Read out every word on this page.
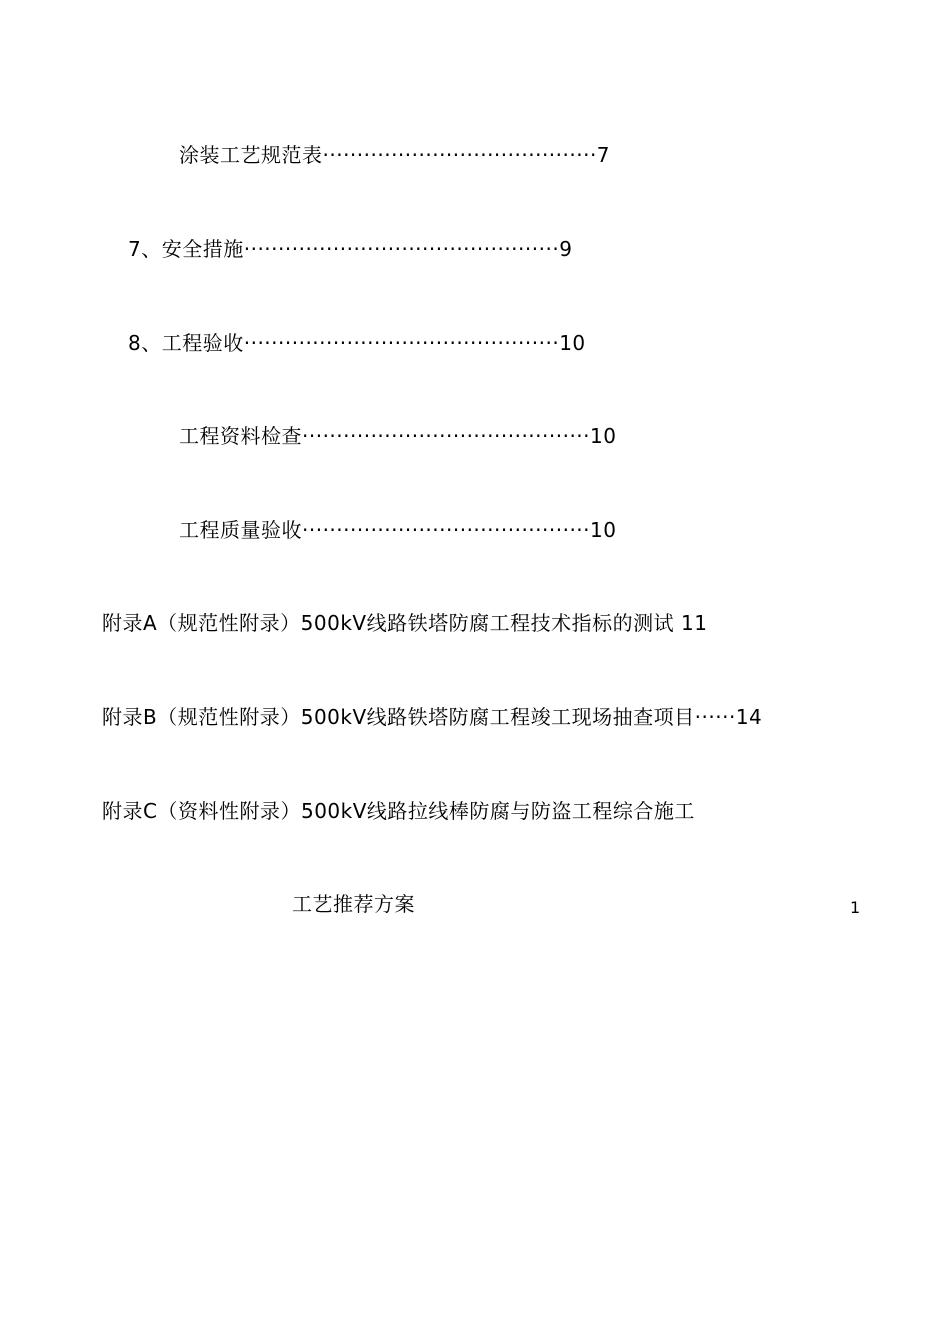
涂装工艺规范表········································7
7、安全措施··············································9
8、工程验收··············································10
工程资料检查··········································10
工程质量验收··········································10
附录A（规范性附录）500kV线路铁塔防腐工程技术指标的测试 11
附录B（规范性附录）500kV线路铁塔防腐工程竣工现场抽查项目······14
附录C（资料性附录）500kV线路拉线棒防腐与防盗工程综合施工
工艺推荐方案	1
